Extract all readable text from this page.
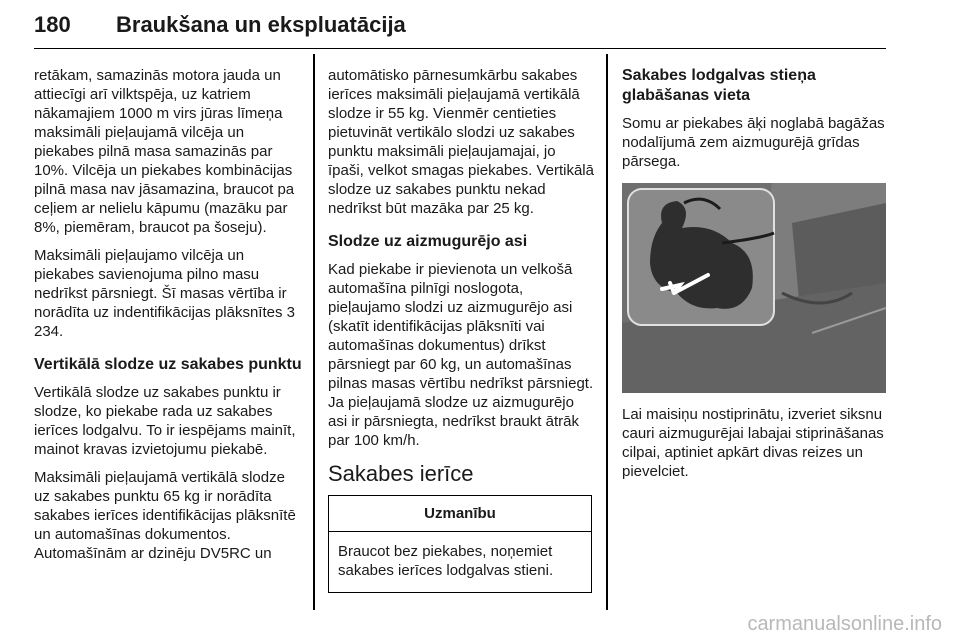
180 Braukšana un ekspluatācija

retākam, samazinās motora jauda un attiecīgi arī vilktspēja, uz katriem nākamajiem 1000 m virs jūras līmeņa maksimāli pieļaujamā vilcēja un piekabes pilnā masa samazinās par 10%. Vilcēja un piekabes kombinācijas pilnā masa nav jāsamazina, braucot pa ceļiem ar nelielu kāpumu (mazāku par 8%, piemēram, braucot pa šoseju).

Maksimāli pieļaujamo vilcēja un piekabes savienojuma pilno masu nedrīkst pārsniegt. Šī masas vērtība ir norādīta uz indentifikācijas plāksnītes 3 234.

Vertikālā slodze uz sakabes punktu

Vertikālā slodze uz sakabes punktu ir slodze, ko piekabe rada uz sakabes ierīces lodgalvu. To ir iespējams mainīt, mainot kravas izvietojumu piekabē.

Maksimāli pieļaujamā vertikālā slodze uz sakabes punktu 65 kg ir norādīta sakabes ierīces identifikācijas plāksnītē un automašīnas dokumentos. Automašīnām ar dzinēju DV5RC un

automātisko pārnesumkārbu sakabes ierīces maksimāli pieļaujamā vertikālā slodze ir 55 kg. Vienmēr centieties pietuvināt vertikālo slodzi uz sakabes punktu maksimāli pieļaujamajai, jo īpaši, velkot smagas piekabes. Vertikālā slodze uz sakabes punktu nekad nedrīkst būt mazāka par 25 kg.

Slodze uz aizmugurējo asi

Kad piekabe ir pievienota un velkošā automašīna pilnīgi noslogota, pieļaujamo slodzi uz aizmugurējo asi (skatīt identifikācijas plāksnīti vai automašīnas dokumentus) drīkst pārsniegt par 60 kg, un automašīnas pilnas masas vērtību nedrīkst pārsniegt. Ja pieļaujamā slodze uz aizmugurējo asi ir pārsniegta, nedrīkst braukt ātrāk par 100 km/h.

Sakabes ierīce
Uzmanību
Braucot bez piekabes, noņemiet sakabes ierīces lodgalvas stieni.
Sakabes lodgalvas stieņa glabāšanas vieta

Somu ar piekabes āķi noglabā bagāžas nodalījumā zem aizmugurējā grīdas pārsega.

Lai maisiņu nostiprinātu, izveriet siksnu cauri aizmugurējai labajai stiprināšanas cilpai, aptiniet apkārt divas reizes un pievelciet.

carmanualsonline.info
